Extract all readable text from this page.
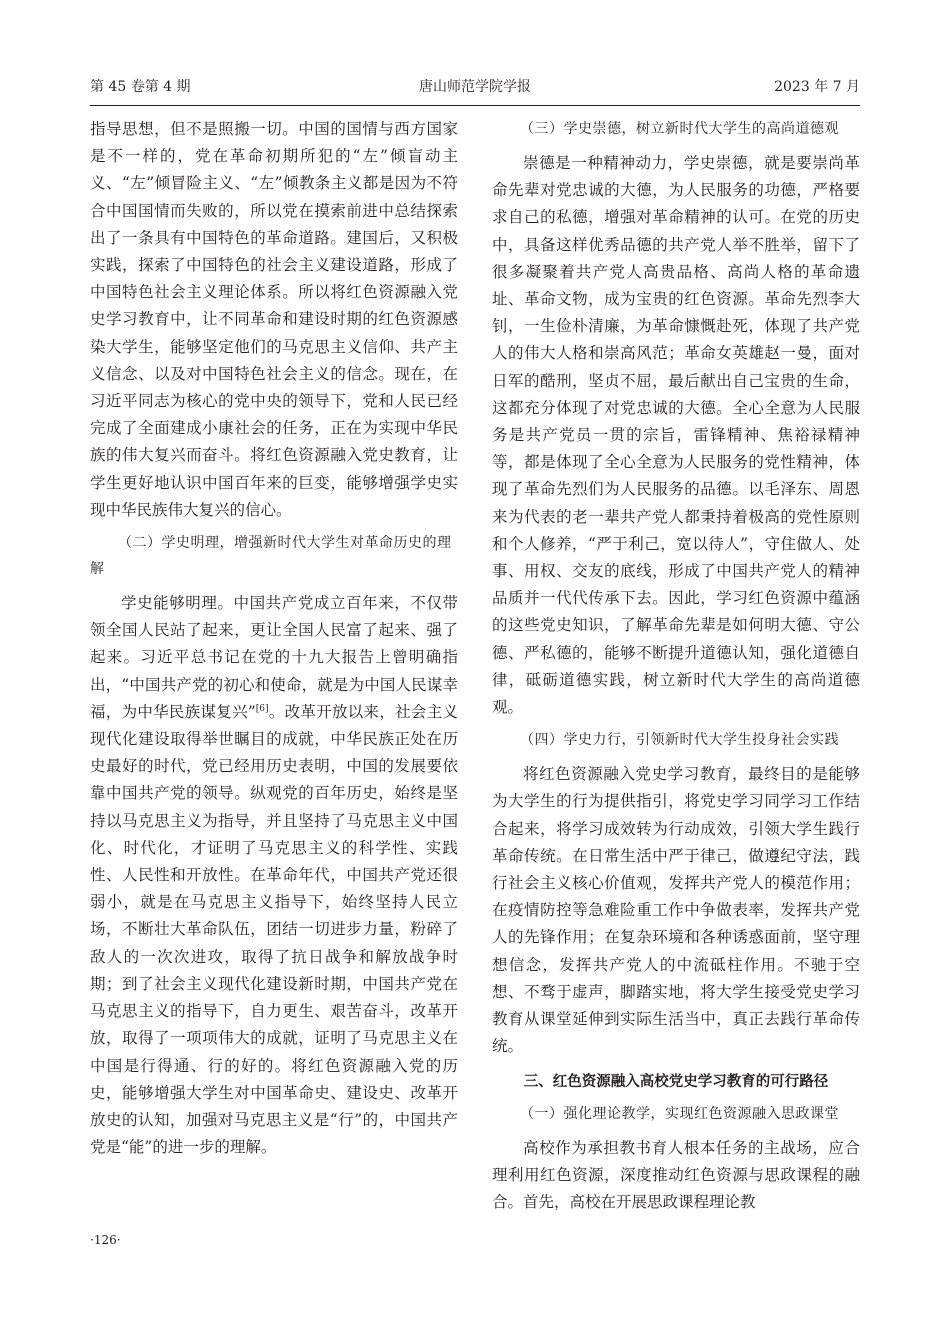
第 45 卷第 4 期	唐山师范学院学报	2023 年 7 月

指导思想，但不是照搬一切。中国的国情与西方国家是不一样的，党在革命初期所犯的“左”倾盲动主义、“左”倾冒险主义、“左”倾教条主义都是因为不符合中国国情而失败的，所以党在摸索前进中总结探索出了一条具有中国特色的革命道路。建国后，又积极实践，探索了中国特色的社会主义建设道路，形成了中国特色社会主义理论体系。所以将红色资源融入党史学习教育中，让不同革命和建设时期的红色资源感染大学生，能够坚定他们的马克思主义信仰、共产主义信念、以及对中国特色社会主义的信念。现在，在习近平同志为核心的党中央的领导下，党和人民已经完成了全面建成小康社会的任务，正在为实现中华民族的伟大复兴而奋斗。将红色资源融入党史教育，让学生更好地认识中国百年来的巨变，能够增强学史实现中华民族伟大复兴的信心。

（二）学史明理，增强新时代大学生对革命历史的理解

学史能够明理。中国共产党成立百年来，不仅带领全国人民站了起来，更让全国人民富了起来、强了起来。习近平总书记在党的十九大报告上曾明确指出，“中国共产党的初心和使命，就是为中国人民谋幸福，为中华民族谋复兴”[6]。改革开放以来，社会主义现代化建设取得举世瞩目的成就，中华民族正处在历史最好的时代，党已经用历史表明，中国的发展要依靠中国共产党的领导。纵观党的百年历史，始终是坚持以马克思主义为指导，并且坚持了马克思主义中国化、时代化，才证明了马克思主义的科学性、实践性、人民性和开放性。在革命年代，中国共产党还很弱小，就是在马克思主义指导下，始终坚持人民立场，不断壮大革命队伍，团结一切进步力量，粉碎了敌人的一次次进攻，取得了抗日战争和解放战争时期；到了社会主义现代化建设新时期，中国共产党在马克思主义的指导下，自力更生、艰苦奋斗，改革开放，取得了一项项伟大的成就，证明了马克思主义在中国是行得通、行的好的。将红色资源融入党的历史，能够增强大学生对中国革命史、建设史、改革开放史的认知，加强对马克思主义是“行”的，中国共产党是“能”的进一步的理解。

（三）学史崇德，树立新时代大学生的高尚道德观

崇德是一种精神动力，学史崇德，就是要崇尚革命先辈对党忠诚的大德，为人民服务的功德，严格要求自己的私德，增强对革命精神的认可。在党的历史中，具备这样优秀品德的共产党人举不胜举，留下了很多凝聚着共产党人高贵品格、高尚人格的革命遗址、革命文物，成为宝贵的红色资源。革命先烈李大钊，一生俭朴清廉，为革命慷慨赴死，体现了共产党人的伟大人格和崇高风范；革命女英雄赵一曼，面对日军的酷刑，坚贞不屈，最后献出自己宝贵的生命，这都充分体现了对党忠诚的大德。全心全意为人民服务是共产党员一贯的宗旨，雷锋精神、焦裕禄精神等，都是体现了全心全意为人民服务的党性精神，体现了革命先烈们为人民服务的品德。以毛泽东、周恩来为代表的老一辈共产党人都秉持着极高的党性原则和个人修养，“严于利己，宽以待人”，守住做人、处事、用权、交友的底线，形成了中国共产党人的精神品质并一代代传承下去。因此，学习红色资源中蕴涵的这些党史知识，了解革命先辈是如何明大德、守公德、严私德的，能够不断提升道德认知，强化道德自律，砥砺道德实践，树立新时代大学生的高尚道德观。

（四）学史力行，引领新时代大学生投身社会实践

将红色资源融入党史学习教育，最终目的是能够为大学生的行为提供指引，将党史学习同学习工作结合起来，将学习成效转为行动成效，引领大学生践行革命传统。在日常生活中严于律己，做遵纪守法，践行社会主义核心价值观，发挥共产党人的模范作用；在疫情防控等急难险重工作中争做表率，发挥共产党人的先锋作用；在复杂环境和各种诱惑面前，坚守理想信念，发挥共产党人的中流砥柱作用。不驰于空想、不骛于虚声，脚踏实地，将大学生接受党史学习教育从课堂延伸到实际生活当中，真正去践行革命传统。

三、红色资源融入高校党史学习教育的可行路径

（一）强化理论教学，实现红色资源融入思政课堂

高校作为承担教书育人根本任务的主战场，应合理利用红色资源，深度推动红色资源与思政课程的融合。首先，高校在开展思政课程理论教

·126·
